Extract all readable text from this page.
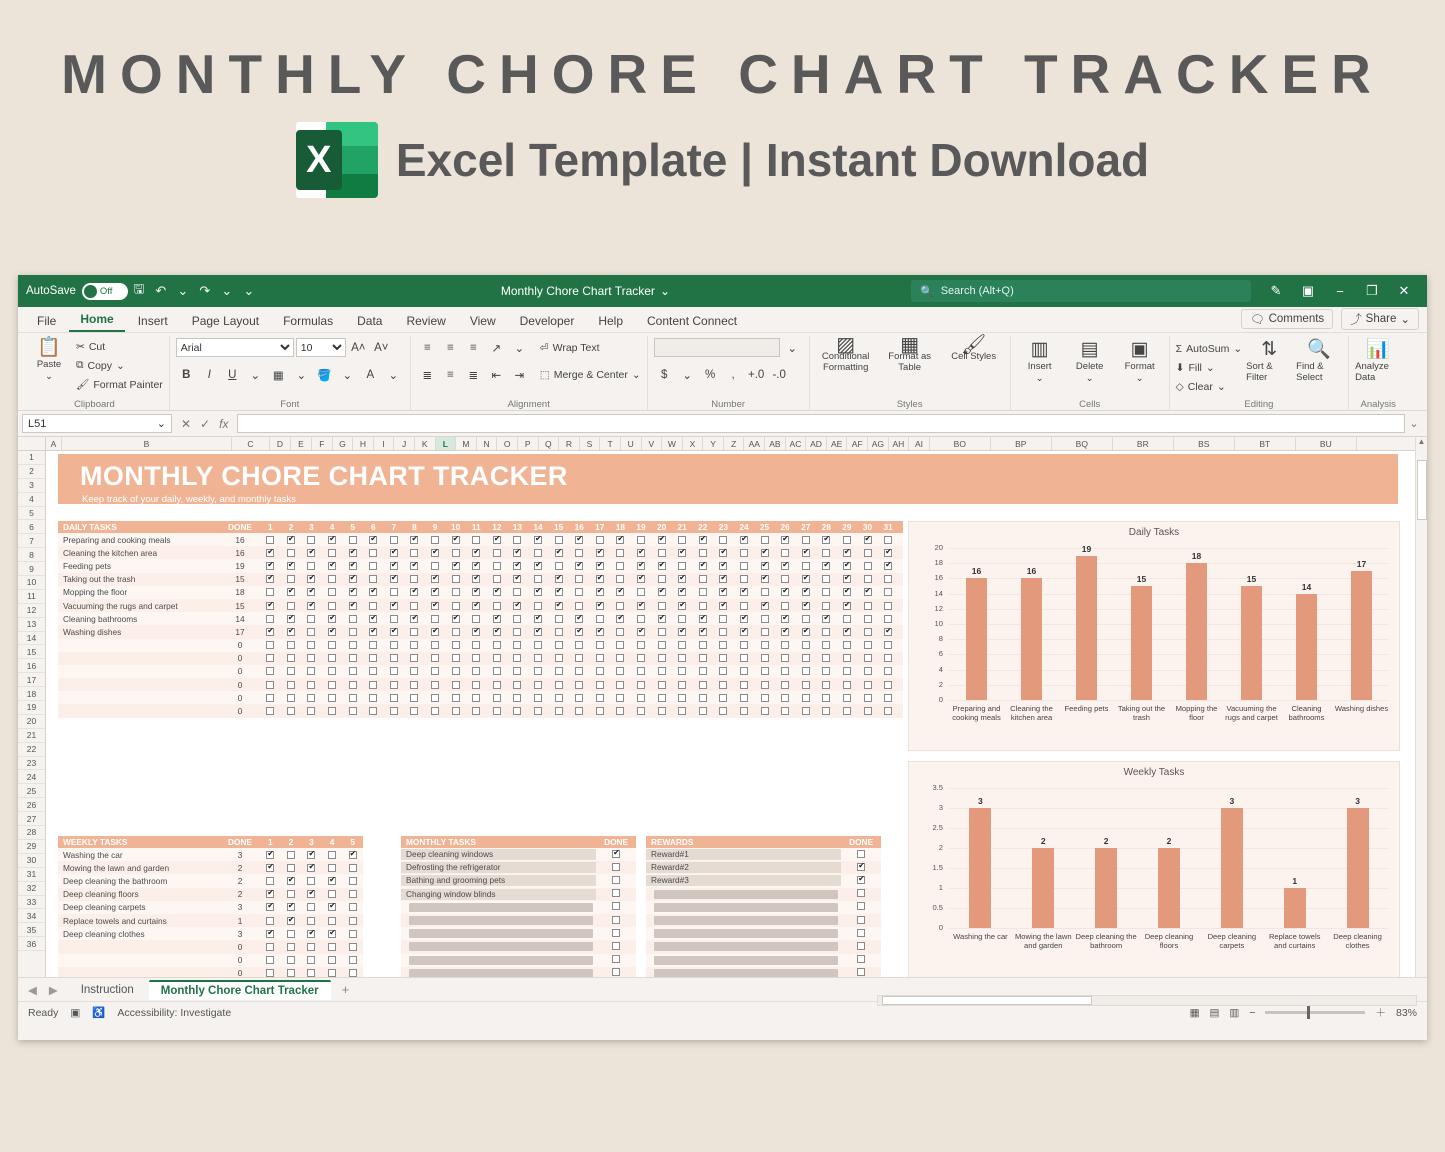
MONTHLY CHORE CHART TRACKER
X Excel Template | Instant Download
AutoSave	Off	🖫 ↶ ⌄ ↷ ⌄ ⌄	Monthly Chore Chart Tracker ⌄	🔍 Search (Alt+Q)	✎	▣	−	❐	✕
File	Home	Insert	Page Layout	Formulas	Data	Review	View	Developer	Help	Content Connect	🗨 Comments ⤴ Share ⌄
📋
Paste
⌄
✂ Cut
⧉ Copy ⌄
🖌 Format Painter
Clipboard
Arial
10
A˄ A˅
B	I	U	⌄	▦	⌄ 🪣 ⌄	A	⌄
Font
≡	≡	≡	↗	⌄	⏎ Wrap Text
≣	≡	≣	⇤	⇥	⬚ Merge & Center ⌄
Alignment
⌄
$	⌄	%	,	+.0 -.0
Number
▨
Conditional Formatting
▦
Format as Table
🖌
Cell Styles
Styles
▥
Insert
⌄
▤
Delete
⌄
▣
Format
⌄
Cells
Σ AutoSum ⌄
⬇ Fill ⌄
◇ Clear ⌄
⇅
Sort & Filter
🔍
Find & Select
Editing
📊
Analyze Data
Analysis
L51	⌄ ✕ ✓ fx	⌄
A	B	C	D	E	F	G	H	I	J	K	L	M	N	O	P	Q	R	S	T	U	V	W	X	Y	Z	AA	AB	AC	AD	AE	AF	AG	AH	AI	BO	BP	BQ	BR	BS	BT	BU
1
2
3
4
5
6
7
8
9
10
11
12
13
14
15
16
17
18
19
20
21
22
23
24
25
26
27
28
29
30
31
32
33
34
35
36
MONTHLY CHORE CHART TRACKER

Keep track of your daily, weekly, and monthly tasks

DAILY TASKS	DONE	1	2	3	4	5	6	7	8	9	10	11	12	13	14	15	16	17	18	19	20	21	22	23	24	25	26	27	28	29	30	31
Preparing and cooking meals	16
✔
✔
✔
✔
✔
✔
✔
✔
✔
✔
✔
✔
✔
✔
✔
Cleaning the kitchen area	16
✔
✔
✔
✔
✔
✔
✔
✔
✔
✔
✔
✔
✔
✔
✔
✔
Feeding pets	19
✔
✔
✔
✔
✔
✔
✔
✔
✔
✔
✔
✔
✔
✔
✔
✔
✔
✔
✔
✔
✔
Taking out the trash	15
✔
✔
✔
✔
✔
✔
✔
✔
✔
✔
✔
✔
✔
✔
✔
Mopping the floor	18
✔
✔
✔
✔
✔
✔
✔
✔
✔
✔
✔
✔
✔
✔
✔
✔
✔
✔
✔
✔
Vacuuming the rugs and carpet	15
✔
✔
✔
✔
✔
✔
✔
✔
✔
✔
✔
✔
✔
✔
✔
Cleaning bathrooms	14
✔
✔
✔
✔
✔
✔
✔
✔
✔
✔
✔
✔
✔
✔
Washing dishes	17
✔
✔
✔
✔
✔
✔
✔
✔
✔
✔
✔
✔
✔
✔
✔
✔
✔
✔
✔
0
0
0
0
0
0
WEEKLY TASKS	DONE	1	2	3	4	5
Washing the car	3
✔
✔
✔
Mowing the lawn and garden	2
✔
✔
Deep cleaning the bathroom	2
✔
✔
Deep cleaning floors	2
✔
✔
Deep cleaning carpets	3
✔
✔
✔
Replace towels and curtains	1
✔
Deep cleaning clothes	3
✔
✔
✔
0
0
0
MONTHLY TASKS	DONE
Deep cleaning windows
✔
Defrosting the refrigerator
Bathing and grooming pets
Changing window blinds
REWARDS	DONE
Reward#1
Reward#2
✔
Reward#3
✔
Daily Tasks
0
2
4
6
8
10
12
14
16
18
20
16
Preparing and cooking meals
16
Cleaning the kitchen area
19
Feeding pets
15
Taking out the trash
18
Mopping the floor
15
Vacuuming the rugs and carpet
14
Cleaning bathrooms
17
Washing dishes
Weekly Tasks
0
0.5
1
1.5
2
2.5
3
3.5
3
Washing the car
2
Mowing the lawn and garden
2
Deep cleaning the bathroom
2
Deep cleaning floors
3
Deep cleaning carpets
1
Replace towels and curtains
3
Deep cleaning clothes
▲
◀ ▶	Instruction	Monthly Chore Chart Tracker	+
Ready ▣ ♿ Accessibility: Investigate	▦ ▤ ▥ −	＋ 83%
